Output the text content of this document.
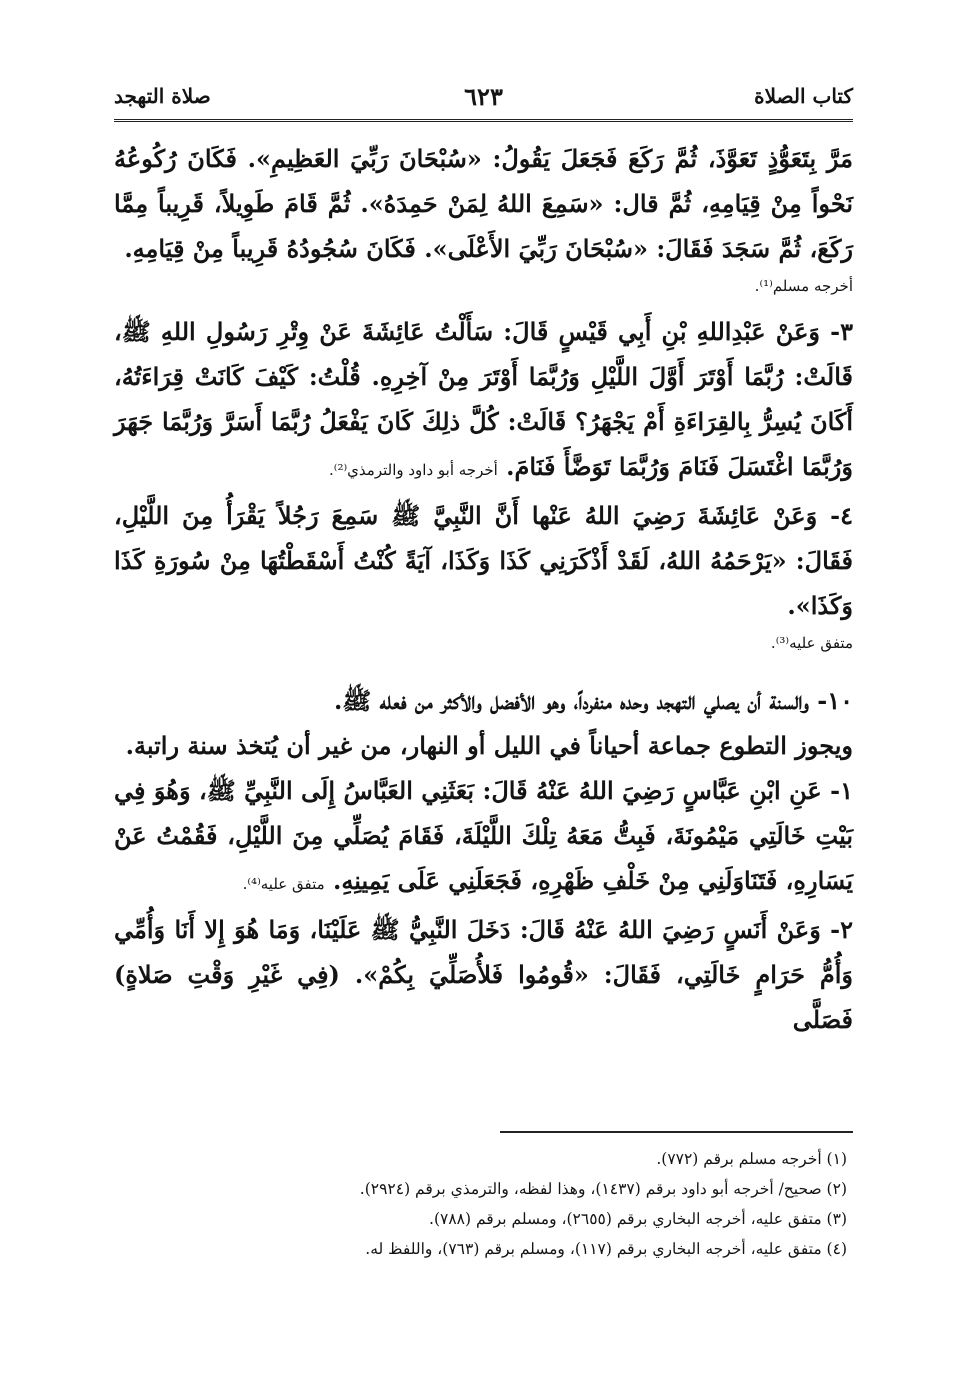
كتاب الصلاة
٦٢٣
صلاة التهجد

مَرَّ بِتَعَوُّذٍ تَعَوَّذَ، ثُمَّ رَكَعَ فَجَعَلَ يَقُولُ: «سُبْحَانَ رَبِّيَ العَظِيمِ». فَكَانَ رُكُوعُهُ نَحْواً مِنْ قِيَامِهِ، ثُمَّ قال: «سَمِعَ اللهُ لِمَنْ حَمِدَهُ». ثُمَّ قَامَ طَوِيلاً، قَرِيباً مِمَّا رَكَعَ، ثُمَّ سَجَدَ فَقَالَ: «سُبْحَانَ رَبِّيَ الأَعْلَى». فَكَانَ سُجُودُهُ قَرِيباً مِنْ قِيَامِهِ.

أخرجه مسلم⁽¹⁾.

٣- وَعَنْ عَبْدِاللهِ بْنِ أَبِي قَيْسٍ قَالَ: سَأَلْتُ عَائِشَةَ عَنْ وِتْرِ رَسُولِ اللهِ ﷺ، قَالَتْ: رُبَّمَا أَوْتَرَ أَوَّلَ اللَّيْلِ وَرُبَّمَا أَوْتَرَ مِنْ آخِرِهِ. قُلْتُ: كَيْفَ كَانَتْ قِرَاءَتُهُ، أَكَانَ يُسِرُّ بِالقِرَاءَةِ أَمْ يَجْهَرُ؟ قَالَتْ: كُلَّ ذلِكَ كَانَ يَفْعَلُ رُبَّمَا أَسَرَّ وَرُبَّمَا جَهَرَ وَرُبَّمَا اغْتَسَلَ فَنَامَ وَرُبَّمَا تَوَضَّأَ فَنَامَ. أخرجه أبو داود والترمذي⁽²⁾.

٤- وَعَنْ عَائِشَةَ رَضِيَ اللهُ عَنْها أَنَّ النَّبِيَّ ﷺ سَمِعَ رَجُلاً يَقْرَأُ مِنَ اللَّيْلِ، فَقَالَ: «يَرْحَمُهُ اللهُ، لَقَدْ أَذْكَرَنِي كَذَا وَكَذَا، آيَةً كُنْتُ أَسْقَطْتُهَا مِنْ سُورَةِ كَذَا وَكَذَا».

متفق عليه⁽³⁾.

١٠- والسنة أن يصلي التهجد وحده منفرداً، وهو الأفضل والأكثر من فعله ﷺ.

ويجوز التطوع جماعة أحياناً في الليل أو النهار، من غير أن يُتخذ سنة راتبة.

١- عَنِ ابْنِ عَبَّاسٍ رَضِيَ اللهُ عَنْهُ قَالَ: بَعَثَنِي العَبَّاسُ إِلَى النَّبِيِّ ﷺ، وَهُوَ فِي بَيْتِ خَالَتِي مَيْمُونَةَ، فَبِتُّ مَعَهُ تِلْكَ اللَّيْلَةَ، فَقَامَ يُصَلِّي مِنَ اللَّيْلِ، فَقُمْتُ عَنْ يَسَارِهِ، فَتَنَاوَلَنِي مِنْ خَلْفِ ظَهْرِهِ، فَجَعَلَنِي عَلَى يَمِينِهِ. متفق عليه⁽⁴⁾.

٢- وَعَنْ أَنَسٍ رَضِيَ اللهُ عَنْهُ قَالَ: دَخَلَ النَّبِيُّ ﷺ عَلَيْنَا، وَمَا هُوَ إِلا أَنَا وَأُمِّي وَأُمُّ حَرَامٍ خَالَتِي، فَقَالَ: «قُومُوا فَلأُصَلِّيَ بِكُمْ». (فِي غَيْرِ وَقْتِ صَلاةٍ) فَصَلَّى

(١) أخرجه مسلم برقم (٧٧٢).

(٢) صحيح/ أخرجه أبو داود برقم (١٤٣٧)، وهذا لفظه، والترمذي برقم (٢٩٢٤).

(٣) متفق عليه، أخرجه البخاري برقم (٢٦٥٥)، ومسلم برقم (٧٨٨).

(٤) متفق عليه، أخرجه البخاري برقم (١١٧)، ومسلم برقم (٧٦٣)، واللفظ له.
